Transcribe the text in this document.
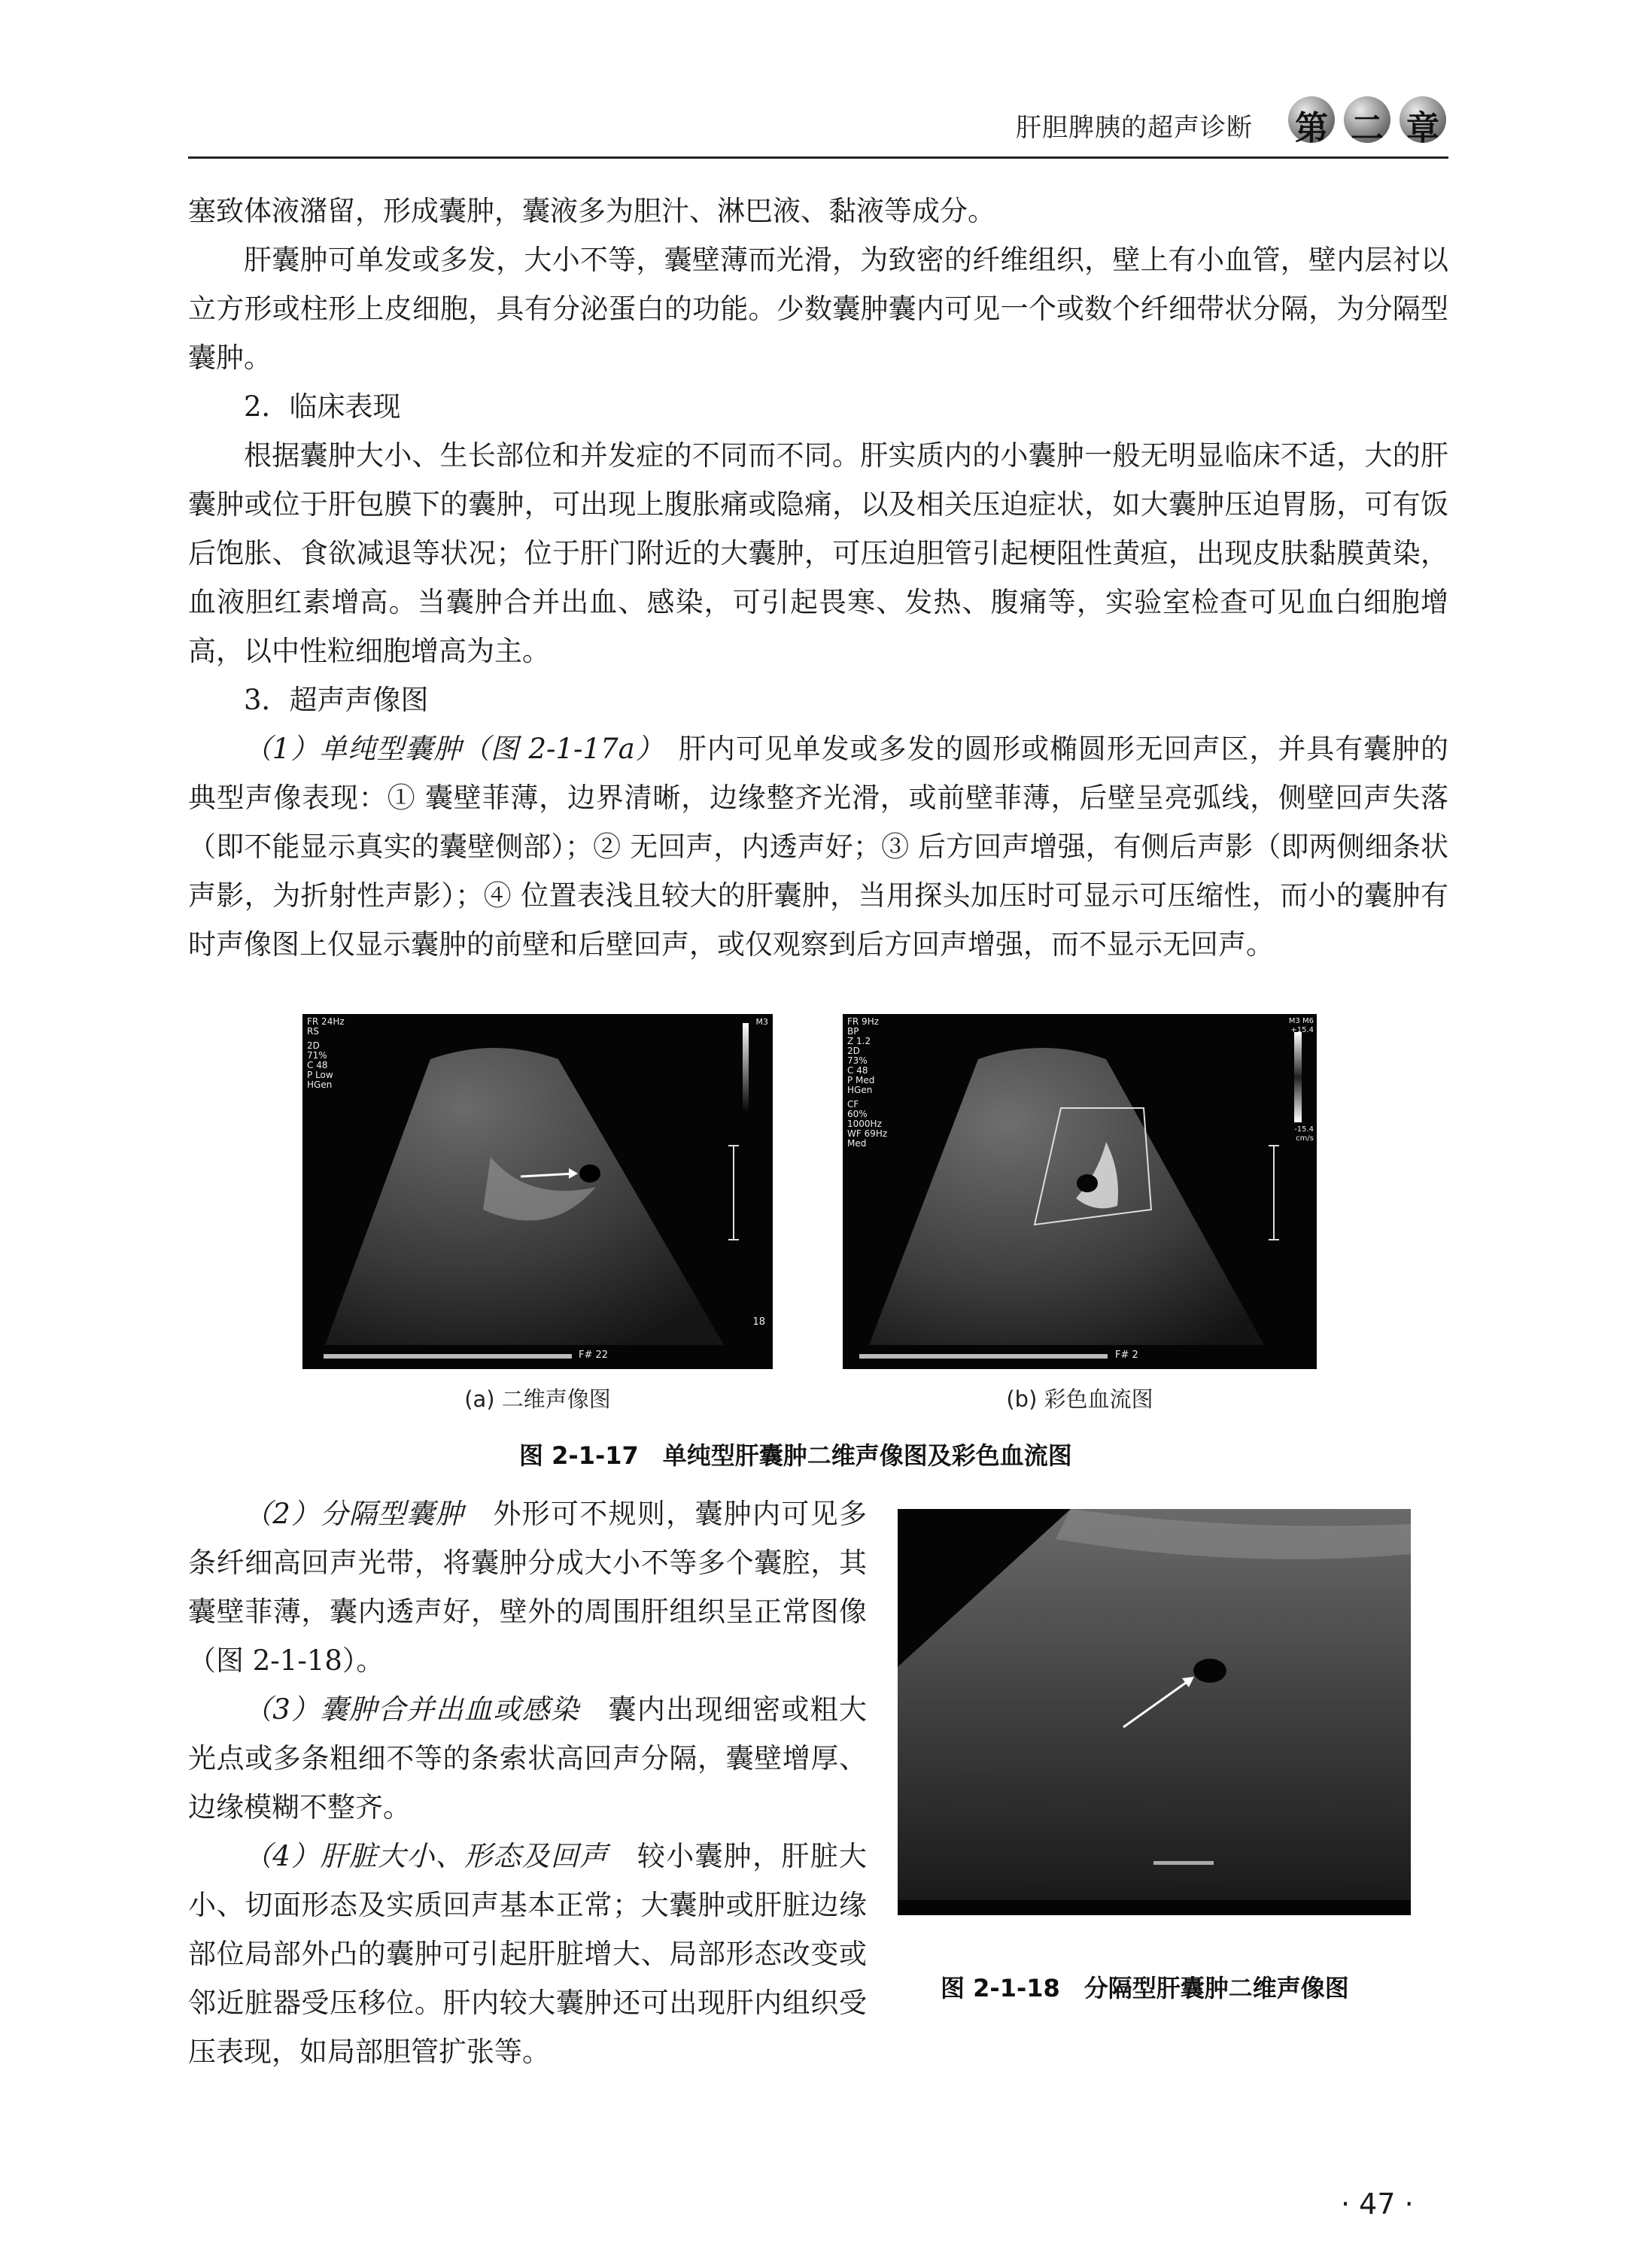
肝胆脾胰的超声诊断 第 二 章

塞致体液潴留，形成囊肿，囊液多为胆汁、淋巴液、黏液等成分。

肝囊肿可单发或多发，大小不等，囊壁薄而光滑，为致密的纤维组织，壁上有小血管，壁内层衬以立方形或柱形上皮细胞，具有分泌蛋白的功能。少数囊肿囊内可见一个或数个纤细带状分隔，为分隔型囊肿。

2．临床表现

根据囊肿大小、生长部位和并发症的不同而不同。肝实质内的小囊肿一般无明显临床不适，大的肝囊肿或位于肝包膜下的囊肿，可出现上腹胀痛或隐痛，以及相关压迫症状，如大囊肿压迫胃肠，可有饭后饱胀、食欲减退等状况；位于肝门附近的大囊肿，可压迫胆管引起梗阻性黄疸，出现皮肤黏膜黄染，血液胆红素增高。当囊肿合并出血、感染，可引起畏寒、发热、腹痛等，实验室检查可见血白细胞增高，以中性粒细胞增高为主。

3．超声声像图

（1）单纯型囊肿（图 2-1-17a）　 肝内可见单发或多发的圆形或椭圆形无回声区，并具有囊肿的典型声像表现：① 囊壁菲薄，边界清晰，边缘整齐光滑，或前壁菲薄，后壁呈亮弧线，侧壁回声失落（即不能显示真实的囊壁侧部）；② 无回声，内透声好；③ 后方回声增强，有侧后声影（即两侧细条状声影，为折射性声影）；④ 位置表浅且较大的肝囊肿，当用探头加压时可显示可压缩性，而小的囊肿有时声像图上仅显示囊肿的前壁和后壁回声，或仅观察到后方回声增强，而不显示无回声。

FR 24Hz
RS
2D
71%
C 48
P Low
HGen
M3
18
F# 22
(a) 二维声像图
FR 9Hz
BP
Z 1.2
2D
73%
C 48
P Med
HGen
CF
60%
1000Hz
WF 69Hz
Med
M3 M6
+15.4
-15.4
cm/s
F# 2
(b) 彩色血流图
图 2-1-17　单纯型肝囊肿二维声像图及彩色血流图

（2）分隔型囊肿　 外形可不规则，囊肿内可见多条纤细高回声光带，将囊肿分成大小不等多个囊腔，其囊壁菲薄，囊内透声好，壁外的周围肝组织呈正常图像（图 2-1-18）。

（3）囊肿合并出血或感染　 囊内出现细密或粗大光点或多条粗细不等的条索状高回声分隔，囊壁增厚、边缘模糊不整齐。

（4）肝脏大小、形态及回声　 较小囊肿，肝脏大小、切面形态及实质回声基本正常；大囊肿或肝脏边缘部位局部外凸的囊肿可引起肝脏增大、局部形态改变或邻近脏器受压移位。肝内较大囊肿还可出现肝内组织受压表现，如局部胆管扩张等。

图 2-1-18　分隔型肝囊肿二维声像图
· 47 ·
